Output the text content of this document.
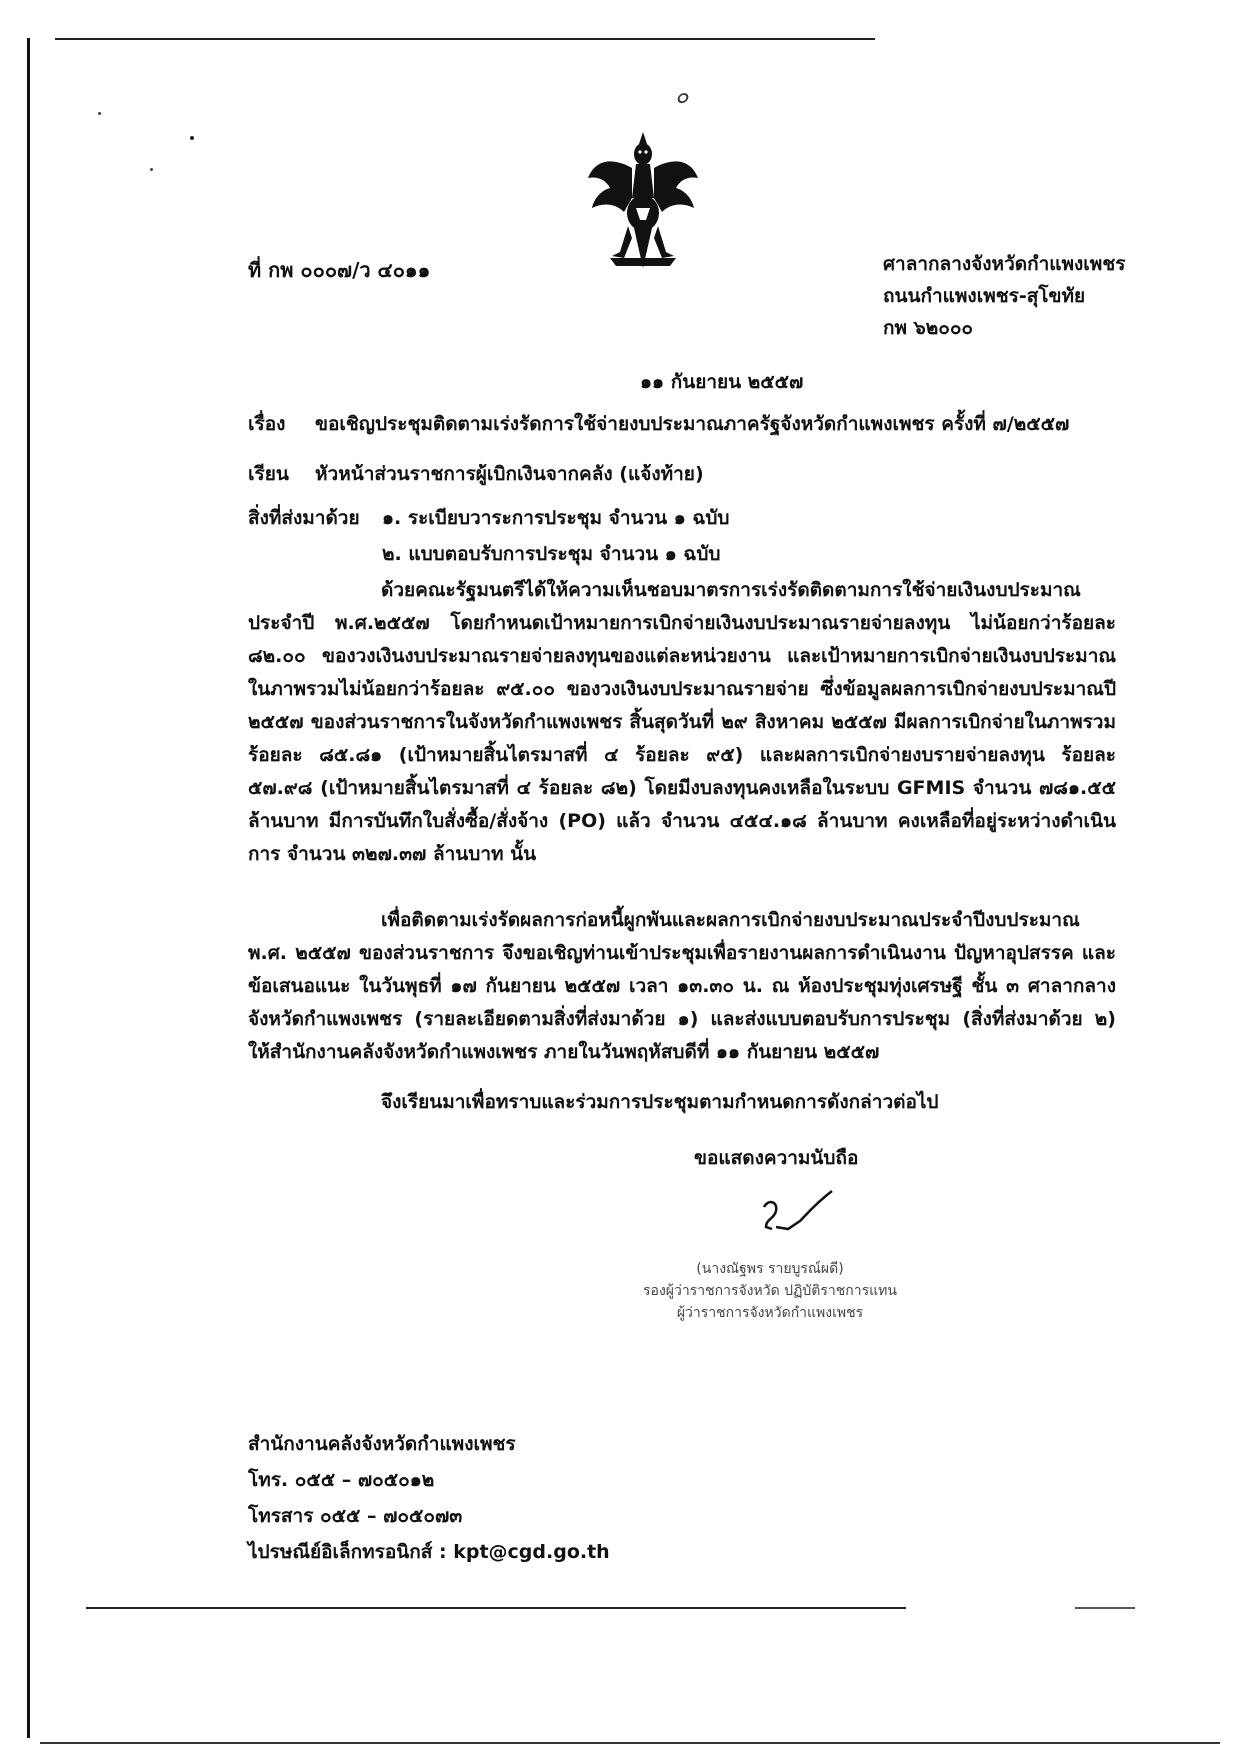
๐
ที่ กพ ๐๐๐๗/ว ๔๐๑๑	ศาลากลางจังหวัดกำแพงเพชร
ถนนกำแพงเพชร-สุโขทัย
กพ ๖๒๐๐๐
๑๑ กันยายน ๒๕๕๗
เรื่อง ขอเชิญประชุมติดตามเร่งรัดการใช้จ่ายงบประมาณภาครัฐจังหวัดกำแพงเพชร ครั้งที่ ๗/๒๕๕๗
เรียน หัวหน้าส่วนราชการผู้เบิกเงินจากคลัง (แจ้งท้าย)
สิ่งที่ส่งมาด้วย ๑. ระเบียบวาระการประชุม จำนวน ๑ ฉบับ
๒. แบบตอบรับการประชุม จำนวน ๑ ฉบับ
ด้วยคณะรัฐมนตรีได้ให้ความเห็นชอบมาตรการเร่งรัดติดตามการใช้จ่ายเงินงบประมาณประจำปี พ.ศ.๒๕๕๗ โดยกำหนดเป้าหมายการเบิกจ่ายเงินงบประมาณรายจ่ายลงทุน ไม่น้อยกว่าร้อยละ ๘๒.๐๐ ของวงเงินงบประมาณรายจ่ายลงทุนของแต่ละหน่วยงาน และเป้าหมายการเบิกจ่ายเงินงบประมาณในภาพรวมไม่น้อยกว่าร้อยละ ๙๕.๐๐ ของวงเงินงบประมาณรายจ่าย ซึ่งข้อมูลผลการเบิกจ่ายงบประมาณปี ๒๕๕๗ ของส่วนราชการในจังหวัดกำแพงเพชร สิ้นสุดวันที่ ๒๙ สิงหาคม ๒๕๕๗ มีผลการเบิกจ่ายในภาพรวมร้อยละ ๘๕.๘๑ (เป้าหมายสิ้นไตรมาสที่ ๔ ร้อยละ ๙๕) และผลการเบิกจ่ายงบรายจ่ายลงทุน ร้อยละ ๕๗.๙๘ (เป้าหมายสิ้นไตรมาสที่ ๔ ร้อยละ ๘๒) โดยมีงบลงทุนคงเหลือในระบบ GFMIS จำนวน ๗๘๑.๕๕ ล้านบาท มีการบันทึกใบสั่งซื้อ/สั่งจ้าง (PO) แล้ว จำนวน ๔๕๔.๑๘ ล้านบาท คงเหลือที่อยู่ระหว่างดำเนินการ จำนวน ๓๒๗.๓๗ ล้านบาท นั้น
เพื่อติดตามเร่งรัดผลการก่อหนี้ผูกพันและผลการเบิกจ่ายงบประมาณประจำปีงบประมาณ พ.ศ. ๒๕๕๗ ของส่วนราชการ จึงขอเชิญท่านเข้าประชุมเพื่อรายงานผลการดำเนินงาน ปัญหาอุปสรรค และข้อเสนอแนะ ในวันพุธที่ ๑๗ กันยายน ๒๕๕๗ เวลา ๑๓.๓๐ น. ณ ห้องประชุมทุ่งเศรษฐี ชั้น ๓ ศาลากลางจังหวัดกำแพงเพชร (รายละเอียดตามสิ่งที่ส่งมาด้วย ๑) และส่งแบบตอบรับการประชุม (สิ่งที่ส่งมาด้วย ๒) ให้สำนักงานคลังจังหวัดกำแพงเพชร ภายในวันพฤหัสบดีที่ ๑๑ กันยายน ๒๕๕๗
จึงเรียนมาเพื่อทราบและร่วมการประชุมตามกำหนดการดังกล่าวต่อไป
ขอแสดงความนับถือ
(นางณัฐพร รายบูรณ์ผดี)
รองผู้ว่าราชการจังหวัด ปฏิบัติราชการแทน
ผู้ว่าราชการจังหวัดกำแพงเพชร
สำนักงานคลังจังหวัดกำแพงเพชร
โทร. ๐๕๕ – ๗๐๕๐๑๒
โทรสาร ๐๕๕ – ๗๐๕๐๗๓
ไปรษณีย์อิเล็กทรอนิกส์ : kpt@cgd.go.th
